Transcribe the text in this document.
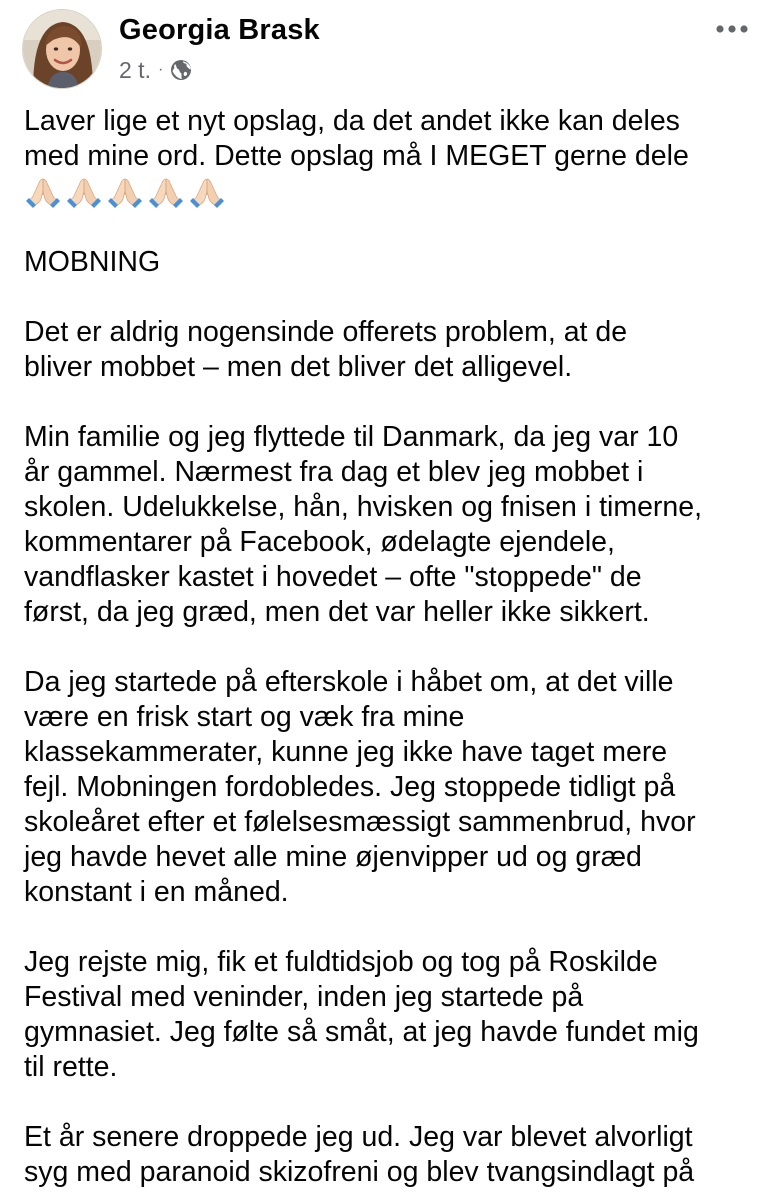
Georgia Brask
2 t. ·

Laver lige et nyt opslag, da det andet ikke kan deles
med mine ord. Dette opslag må I MEGET gerne dele

MOBNING

Det er aldrig nogensinde offerets problem, at de
bliver mobbet – men det bliver det alligevel.

Min familie og jeg flyttede til Danmark, da jeg var 10
år gammel. Nærmest fra dag et blev jeg mobbet i
skolen. Udelukkelse, hån, hvisken og fnisen i timerne,
kommentarer på Facebook, ødelagte ejendele,
vandflasker kastet i hovedet – ofte "stoppede" de
først, da jeg græd, men det var heller ikke sikkert.

Da jeg startede på efterskole i håbet om, at det ville
være en frisk start og væk fra mine
klassekammerater, kunne jeg ikke have taget mere
fejl. Mobningen fordobledes. Jeg stoppede tidligt på
skoleåret efter et følelsesmæssigt sammenbrud, hvor
jeg havde hevet alle mine øjenvipper ud og græd
konstant i en måned.

Jeg rejste mig, fik et fuldtidsjob og tog på Roskilde
Festival med veninder, inden jeg startede på
gymnasiet. Jeg følte så småt, at jeg havde fundet mig
til rette.

Et år senere droppede jeg ud. Jeg var blevet alvorligt
syg med paranoid skizofreni og blev tvangsindlagt på
